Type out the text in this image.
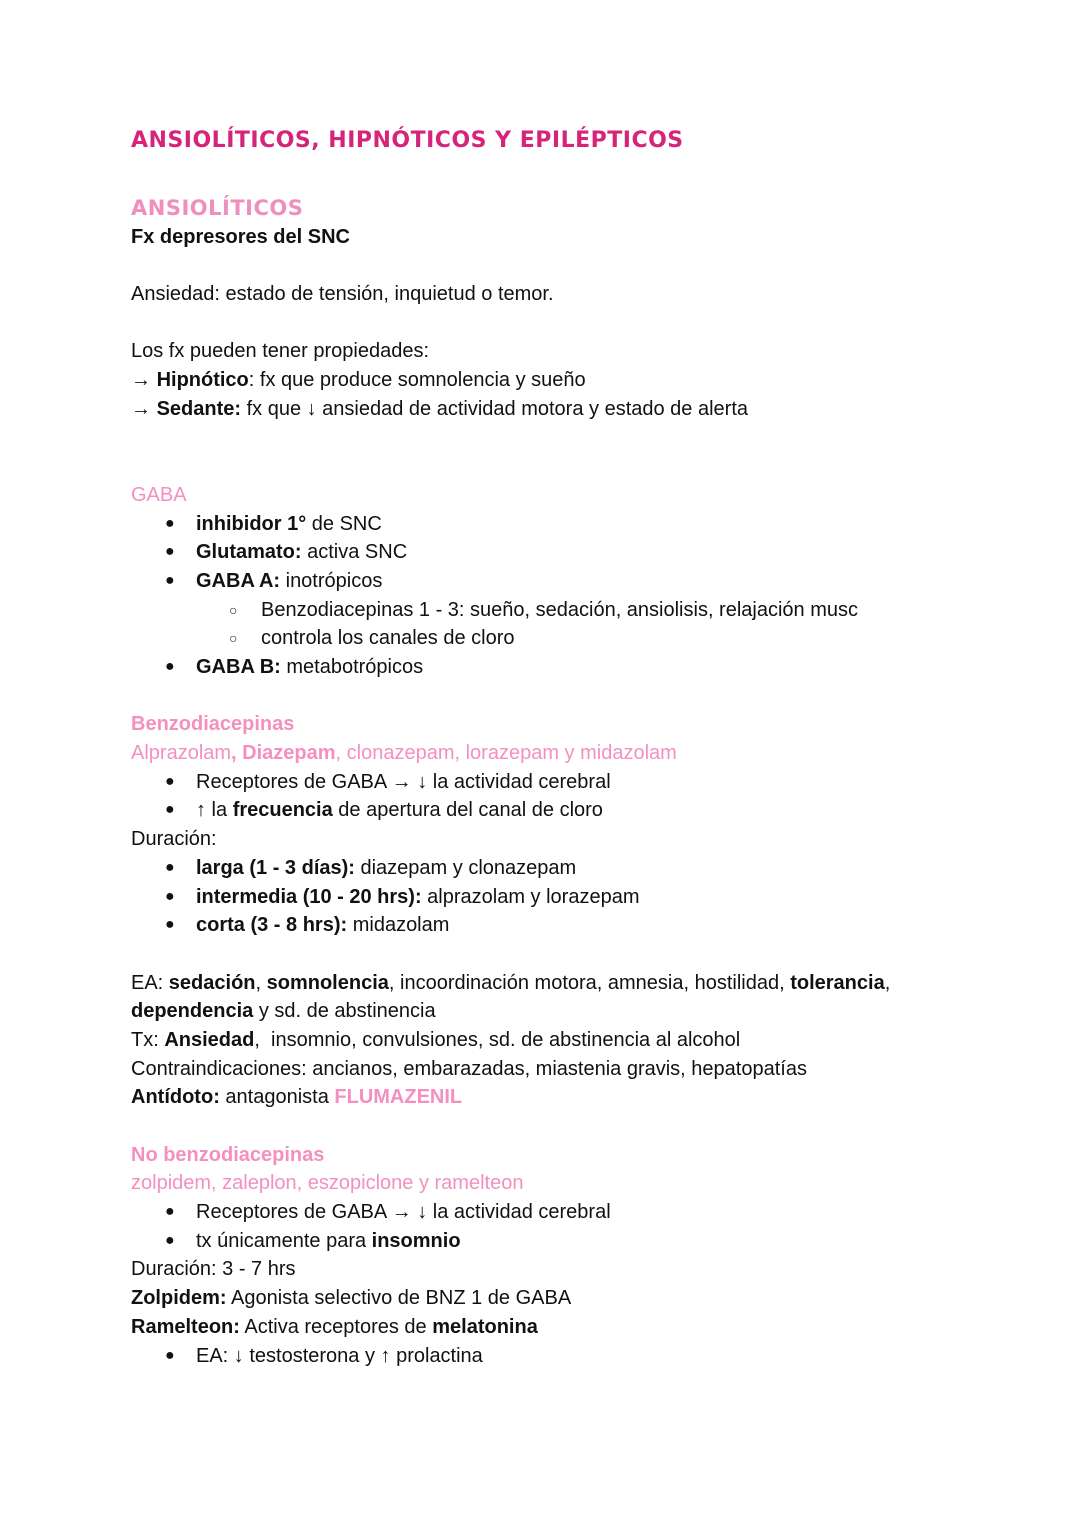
ANSIOLÍTICOS, HIPNÓTICOS Y EPILÉPTICOS
ANSIOLÍTICOS
Fx depresores del SNC
Ansiedad: estado de tensión, inquietud o temor.
Los fx pueden tener propiedades:
→ Hipnótico: fx que produce somnolencia y sueño
→ Sedante: fx que ↓ ansiedad de actividad motora y estado de alerta
GABA
● inhibidor 1° de SNC
● Glutamato: activa SNC
● GABA A: inotrópicos
○ Benzodiacepinas 1 - 3: sueño, sedación, ansiolisis, relajación musc
○ controla los canales de cloro
● GABA B: metabotrópicos
Benzodiacepinas
Alprazolam, Diazepam, clonazepam, lorazepam y midazolam
● Receptores de GABA → ↓ la actividad cerebral
● ↑ la frecuencia de apertura del canal de cloro
Duración:
● larga (1 - 3 días): diazepam y clonazepam
● intermedia (10 - 20 hrs): alprazolam y lorazepam
● corta (3 - 8 hrs): midazolam
EA: sedación, somnolencia, incoordinación motora, amnesia, hostilidad, tolerancia,
dependencia y sd. de abstinencia
Tx: Ansiedad,  insomnio, convulsiones, sd. de abstinencia al alcohol
Contraindicaciones: ancianos, embarazadas, miastenia gravis, hepatopatías
Antídoto: antagonista FLUMAZENIL
No benzodiacepinas
zolpidem, zaleplon, eszopiclone y ramelteon
● Receptores de GABA → ↓ la actividad cerebral
● tx únicamente para insomnio
Duración: 3 - 7 hrs
Zolpidem: Agonista selectivo de BNZ 1 de GABA
Ramelteon: Activa receptores de melatonina
● EA: ↓ testosterona y ↑ prolactina
